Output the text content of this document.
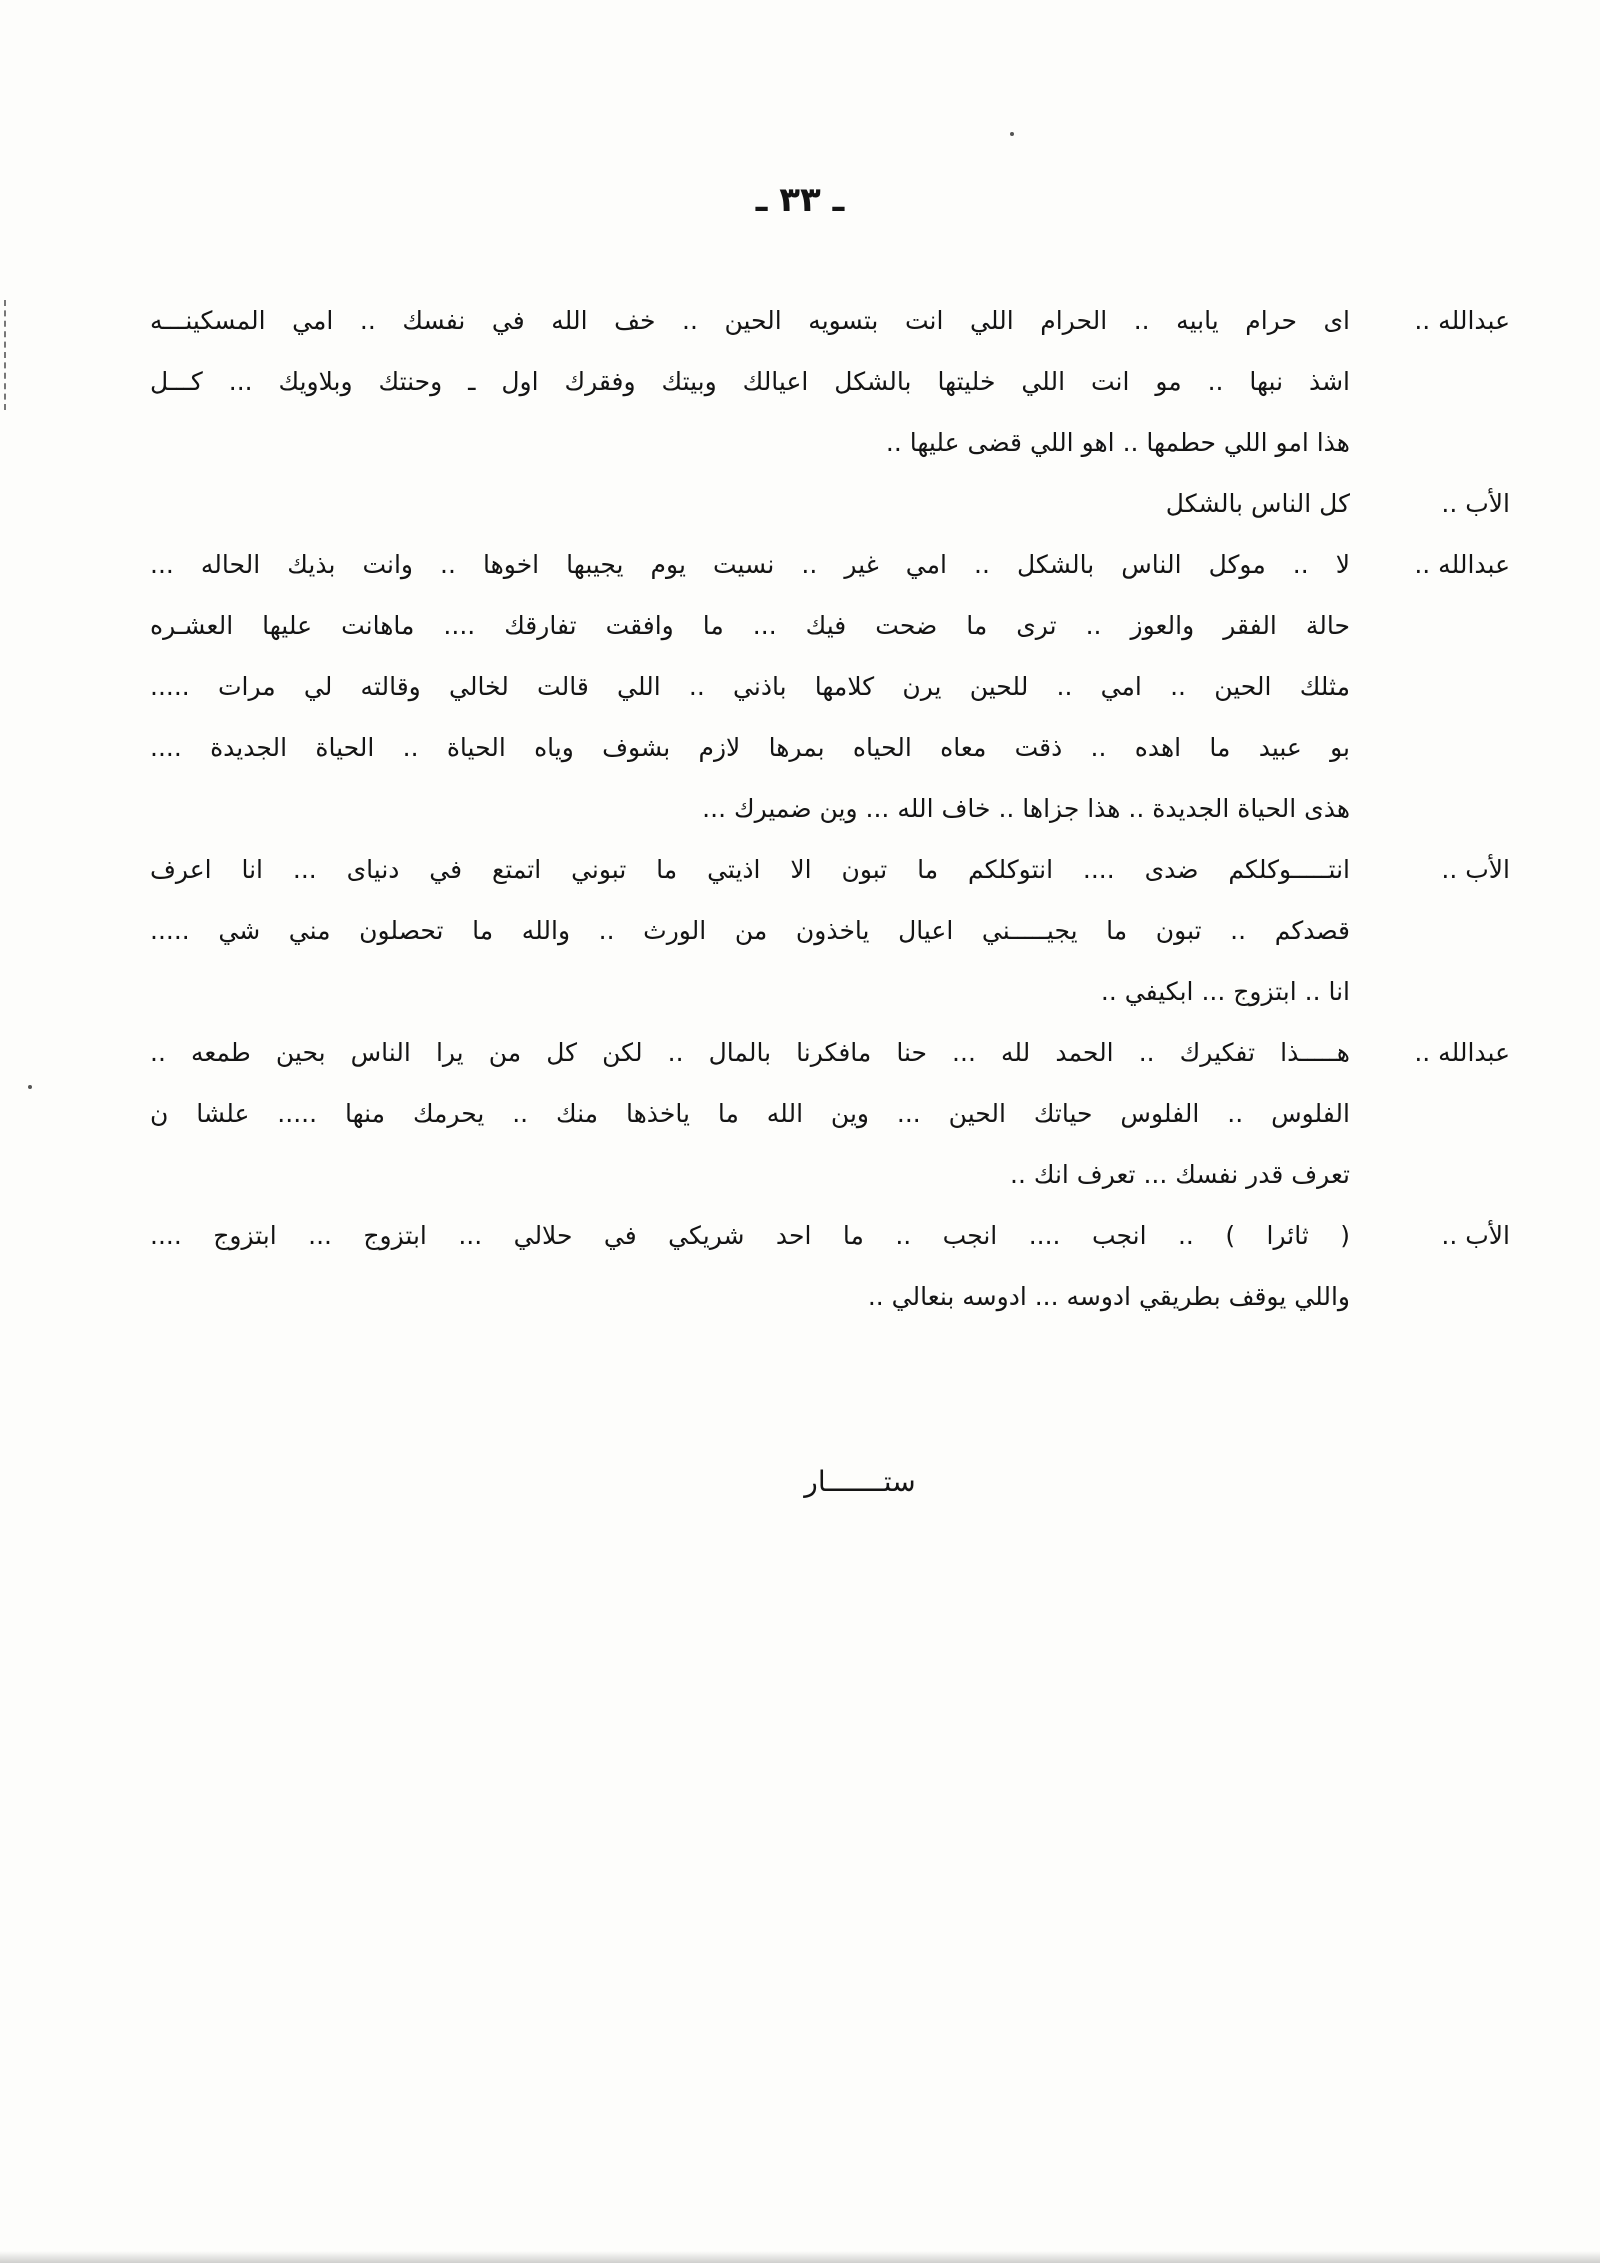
ـ ٣٣ ـ
عبدالله ..
اى حرام يابيه .. الحرام اللي انت بتسويه الحين .. خف الله في نفسك .. امي المسكينـــه
اشذ نبها .. مو انت اللي خليتها بالشكل اعيالك وبيتك وفقرك اول ـ وحنتك وبلاويك ... كـــل
هذا امو اللي حطمها .. اهو اللي قضى عليها ..
الأب ..
كل الناس بالشكل
عبدالله ..
لا .. موكل الناس بالشكل .. امي غير .. نسيت يوم يجيبها اخوها .. وانت بذيك الحاله ...
حالة الفقر والعوز .. ترى ما ضحت فيك ... ما وافقت تفارقك .... ماهانت عليها العشـره
مثلك الحين .. امي .. للحين يرن كلامها باذني .. اللي قالت لخالي وقالته لي مرات .....
بو عبيد ما اهده .. ذقت معاه الحياه بمرها لازم بشوف وياه الحياة .. الحياة الجديدة ....
هذى الحياة الجديدة .. هذا جزاها .. خاف الله ... وين ضميرك ...
الأب ..
انتـــــوكلكم ضدى .... انتوكلكم ما تبون الا اذيتي ما تبوني اتمتع في دنياى ... انا اعرف
قصدكم .. تبون ما يجيـــــني اعيال ياخذون من الورث .. والله ما تحصلون مني شي .....
انا .. ابتزوج ... ابكيفي ..
عبدالله ..
هـــــذا تفكيرك .. الحمد لله ... حنا مافكرنا بالمال .. لكن كل من يرا الناس بحين طمعه ..
الفلوس .. الفلوس حياتك الحين ... وين الله ما ياخذها منك .. يحرمك منها ..... علشا ن
تعرف قدر نفسك ... تعرف انك ..
الأب ..
( ثائرا ) .. انجب .... انجب .. ما احد شريكي في حلالي ... ابتزوج ... ابتزوج ....
واللي يوقف بطريقي ادوسه ... ادوسه بنعالي ..
ستـــــــار
